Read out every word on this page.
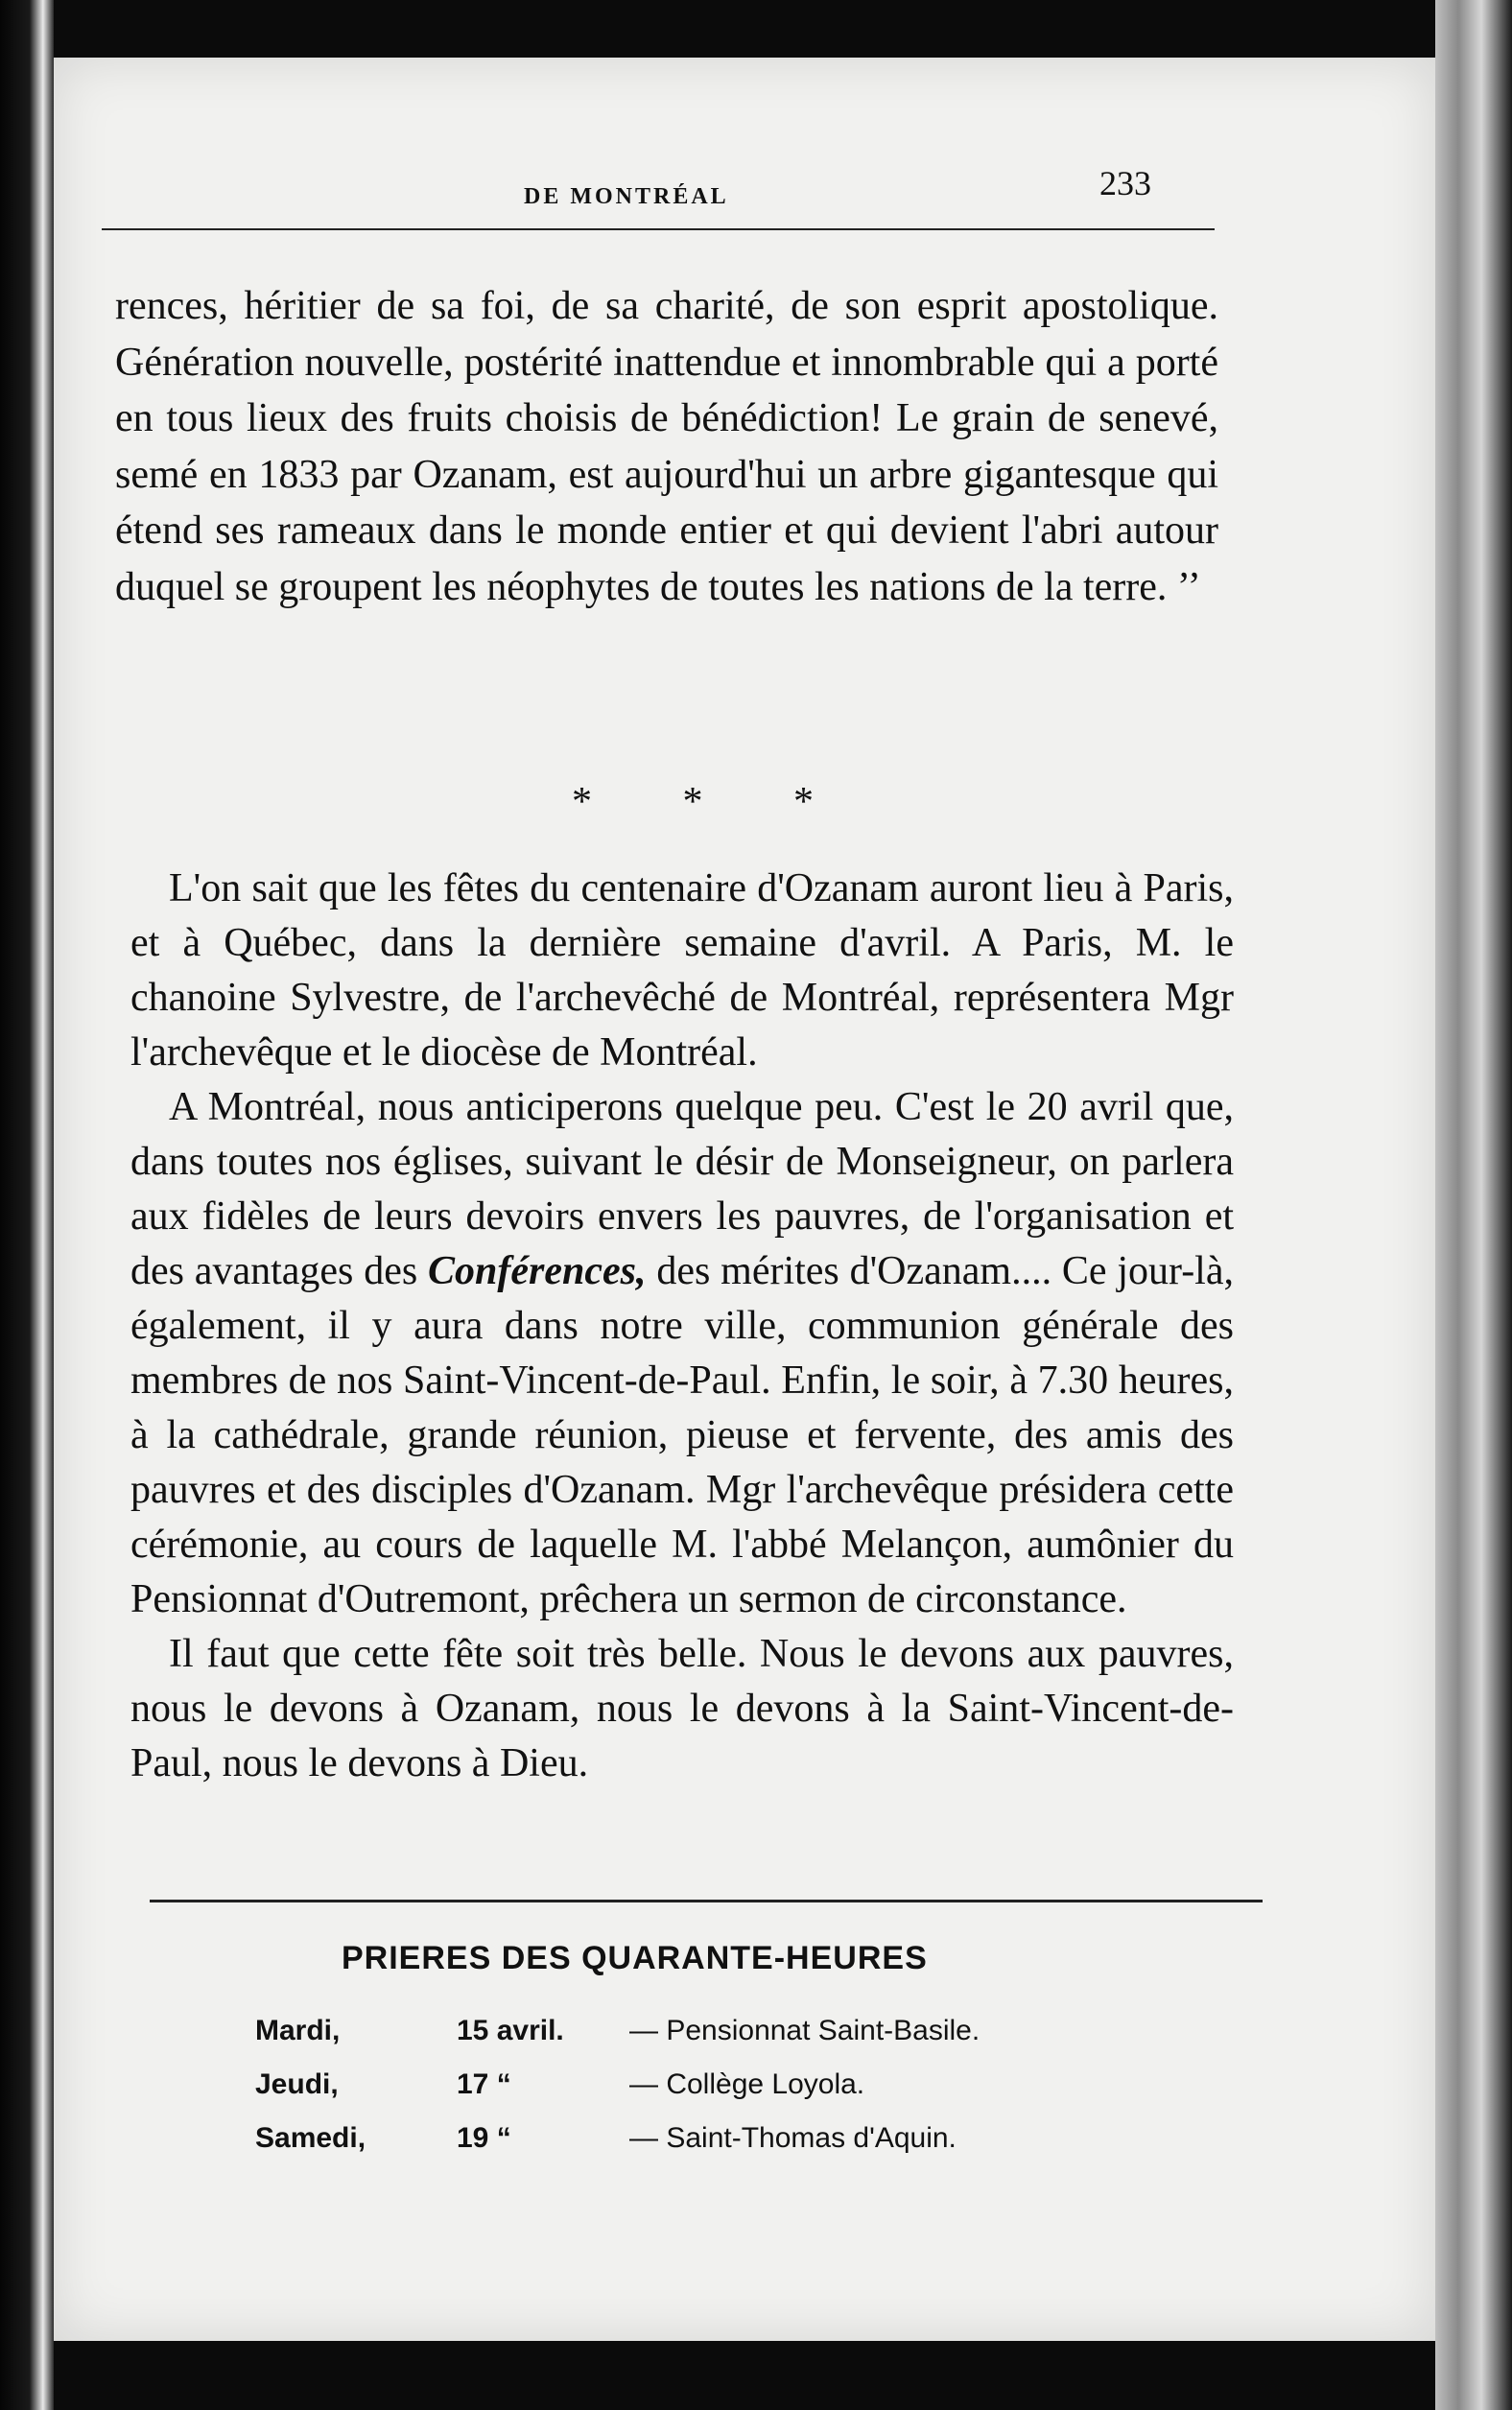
DE MONTRÉAL	233

rences, héritier de sa foi, de sa charité, de son esprit apostolique. Génération nouvelle, postérité inattendue et innombrable qui a porté en tous lieux des fruits choisis de bénédiction! Le grain de senevé, semé en 1833 par Ozanam, est aujourd'hui un arbre gigantesque qui étend ses rameaux dans le monde entier et qui devient l'abri autour duquel se groupent les néophytes de toutes les nations de la terre. ’’

* * *

L'on sait que les fêtes du centenaire d'Ozanam auront lieu à Paris, et à Québec, dans la dernière semaine d'avril. A Paris, M. le chanoine Sylvestre, de l'archevêché de Montréal, représentera Mgr l'archevêque et le diocèse de Montréal.

A Montréal, nous anticiperons quelque peu. C'est le 20 avril que, dans toutes nos églises, suivant le désir de Monseigneur, on parlera aux fidèles de leurs devoirs envers les pauvres, de l'organisation et des avantages des Conférences, des mérites d'Ozanam.... Ce jour-là, également, il y aura dans notre ville, communion générale des membres de nos Saint-Vincent-de-Paul. Enfin, le soir, à 7.30 heures, à la cathédrale, grande réunion, pieuse et fervente, des amis des pauvres et des disciples d'Ozanam. Mgr l'archevêque présidera cette cérémonie, au cours de laquelle M. l'abbé Melançon, aumônier du Pensionnat d'Outremont, prêchera un sermon de circonstance.

Il faut que cette fête soit très belle. Nous le devons aux pauvres, nous le devons à Ozanam, nous le devons à la Saint-Vincent-de-Paul, nous le devons à Dieu.

PRIERES DES QUARANTE-HEURES
Mardi,	15 avril. — Pensionnat Saint-Basile.
Jeudi,	17 “	— Collège Loyola.
Samedi,	19 “	— Saint-Thomas d'Aquin.
